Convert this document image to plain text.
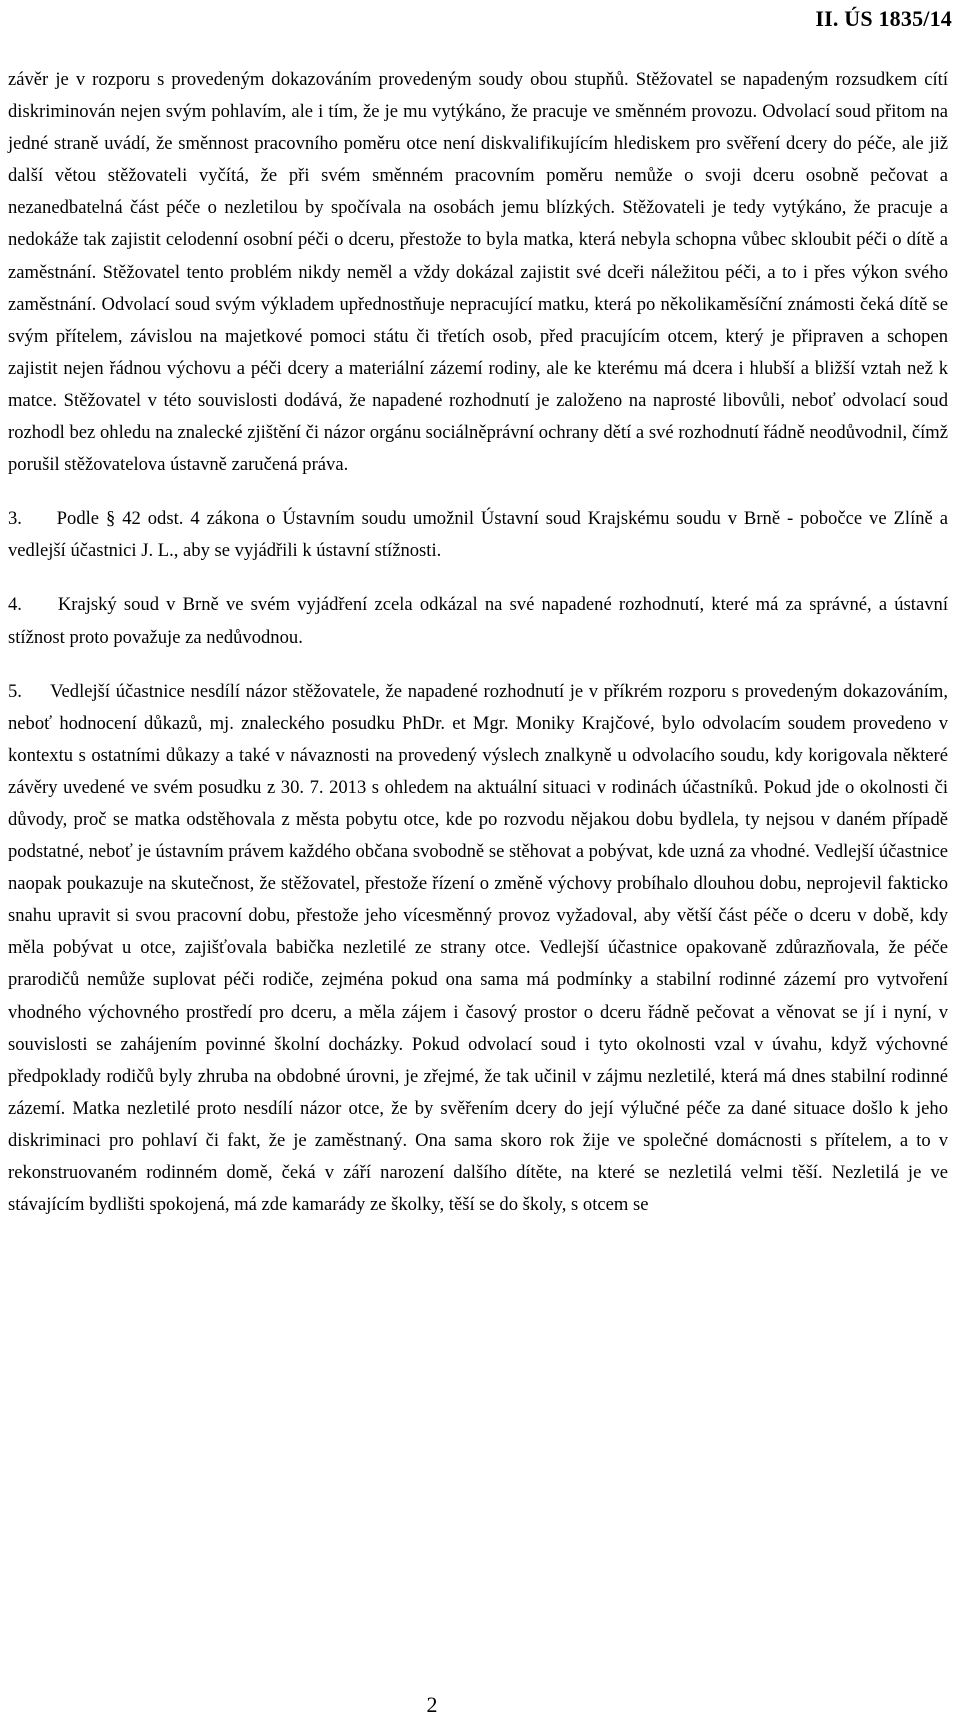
II. ÚS 1835/14

závěr je v rozporu s provedeným dokazováním provedeným soudy obou stupňů. Stěžovatel se napadeným rozsudkem cítí diskriminován nejen svým pohlavím, ale i tím, že je mu vytýkáno, že pracuje ve směnném provozu. Odvolací soud přitom na jedné straně uvádí, že směnnost pracovního poměru otce není diskvalifikujícím hlediskem pro svěření dcery do péče, ale již další větou stěžovateli vyčítá, že při svém směnném pracovním poměru nemůže o svoji dceru osobně pečovat a nezanedbatelná část péče o nezletilou by spočívala na osobách jemu blízkých. Stěžovateli je tedy vytýkáno, že pracuje a nedokáže tak zajistit celodenní osobní péči o dceru, přestože to byla matka, která nebyla schopna vůbec skloubit péči o dítě a zaměstnání. Stěžovatel tento problém nikdy neměl a vždy dokázal zajistit své dceři náležitou péči, a to i přes výkon svého zaměstnání. Odvolací soud svým výkladem upřednostňuje nepracující matku, která po několikaměsíční známosti čeká dítě se svým přítelem, závislou na majetkové pomoci státu či třetích osob, před pracujícím otcem, který je připraven a schopen zajistit nejen řádnou výchovu a péči dcery a materiální zázemí rodiny, ale ke kterému má dcera i hlubší a bližší vztah než k matce. Stěžovatel v této souvislosti dodává, že napadené rozhodnutí je založeno na naprosté libovůli, neboť odvolací soud rozhodl bez ohledu na znalecké zjištění či názor orgánu sociálněprávní ochrany dětí a své rozhodnutí řádně neodůvodnil, čímž porušil stěžovatelova ústavně zaručená práva.

3.     Podle § 42 odst. 4 zákona o Ústavním soudu umožnil Ústavní soud Krajskému soudu v Brně - pobočce ve Zlíně a vedlejší účastnici J. L., aby se vyjádřili k ústavní stížnosti.

4.     Krajský soud v Brně ve svém vyjádření zcela odkázal na své napadené rozhodnutí, které má za správné, a ústavní stížnost proto považuje za nedůvodnou.

5.     Vedlejší účastnice nesdílí názor stěžovatele, že napadené rozhodnutí je v příkrém rozporu s provedeným dokazováním, neboť hodnocení důkazů, mj. znaleckého posudku PhDr. et Mgr. Moniky Krajčové, bylo odvolacím soudem provedeno v kontextu s ostatními důkazy a také v návaznosti na provedený výslech znalkyně u odvolacího soudu, kdy korigovala některé závěry uvedené ve svém posudku z 30. 7. 2013 s ohledem na aktuální situaci v rodinách účastníků. Pokud jde o okolnosti či důvody, proč se matka odstěhovala z města pobytu otce, kde po rozvodu nějakou dobu bydlela, ty nejsou v daném případě podstatné, neboť je ústavním právem každého občana svobodně se stěhovat a pobývat, kde uzná za vhodné. Vedlejší účastnice naopak poukazuje na skutečnost, že stěžovatel, přestože řízení o změně výchovy probíhalo dlouhou dobu, neprojevil fakticko snahu upravit si svou pracovní dobu, přestože jeho vícesměnný provoz vyžadoval, aby větší část péče o dceru v době, kdy měla pobývat u otce, zajišťovala babička nezletilé ze strany otce. Vedlejší účastnice opakovaně zdůrazňovala, že péče prarodičů nemůže suplovat péči rodiče, zejména pokud ona sama má podmínky a stabilní rodinné zázemí pro vytvoření vhodného výchovného prostředí pro dceru, a měla zájem i časový prostor o dceru řádně pečovat a věnovat se jí i nyní, v souvislosti se zahájením povinné školní docházky. Pokud odvolací soud i tyto okolnosti vzal v úvahu, když výchovné předpoklady rodičů byly zhruba na obdobné úrovni, je zřejmé, že tak učinil v zájmu nezletilé, která má dnes stabilní rodinné zázemí. Matka nezletilé proto nesdílí názor otce, že by svěřením dcery do její výlučné péče za dané situace došlo k jeho diskriminaci pro pohlaví či fakt, že je zaměstnaný. Ona sama skoro rok žije ve společné domácnosti s přítelem, a to v rekonstruovaném rodinném domě, čeká v září narození dalšího dítěte, na které se nezletilá velmi těší. Nezletilá je ve stávajícím bydlišti spokojená, má zde kamarády ze školky, těší se do školy, s otcem se

2
